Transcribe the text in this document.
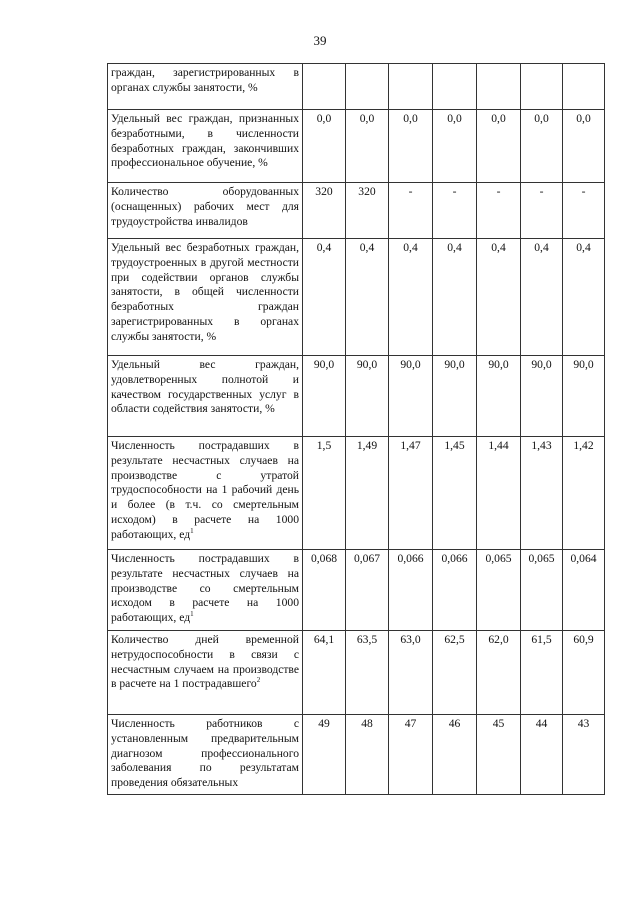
39
граждан, зарегистрированных в органах службы занятости, %							
Удельный вес граждан, признанных безработными, в численности безработных граждан, закончивших профессиональное обучение, %	0,0	0,0	0,0	0,0	0,0	0,0	0,0
Количество оборудованных (оснащенных) рабочих мест для трудоустройства инвалидов	320	320	-	-	-	-	-
Удельный вес безработных граждан, трудоустроенных в другой местности при содействии органов службы занятости, в общей численности безработных граждан зарегистрированных в органах службы занятости, %	0,4	0,4	0,4	0,4	0,4	0,4	0,4
Удельный вес граждан, удовлетворенных полнотой и качеством государственных услуг в области содействия занятости, %	90,0	90,0	90,0	90,0	90,0	90,0	90,0
Численность пострадавших в результате несчастных случаев на производстве с утратой трудоспособности на 1 рабочий день и более (в т.ч. со смертельным исходом) в расчете на 1000 работающих, $ед^1$	1,5	1,49	1,47	1,45	1,44	1,43	1,42
Численность пострадавших в результате несчастных случаев на производстве со смертельным исходом в расчете на 1000 работающих, $ед^1$	0,068	0,067	0,066	0,066	0,065	0,065	0,064
Количество дней временной нетрудоспособности в связи с несчастным случаем на производстве в расчете на 1 пострадавшего$^2$	64,1	63,5	63,0	62,5	62,0	61,5	60,9
Численность работников с установленным предварительным диагнозом профессионального заболевания по результатам проведения обязательных	49	48	47	46	45	44	43
